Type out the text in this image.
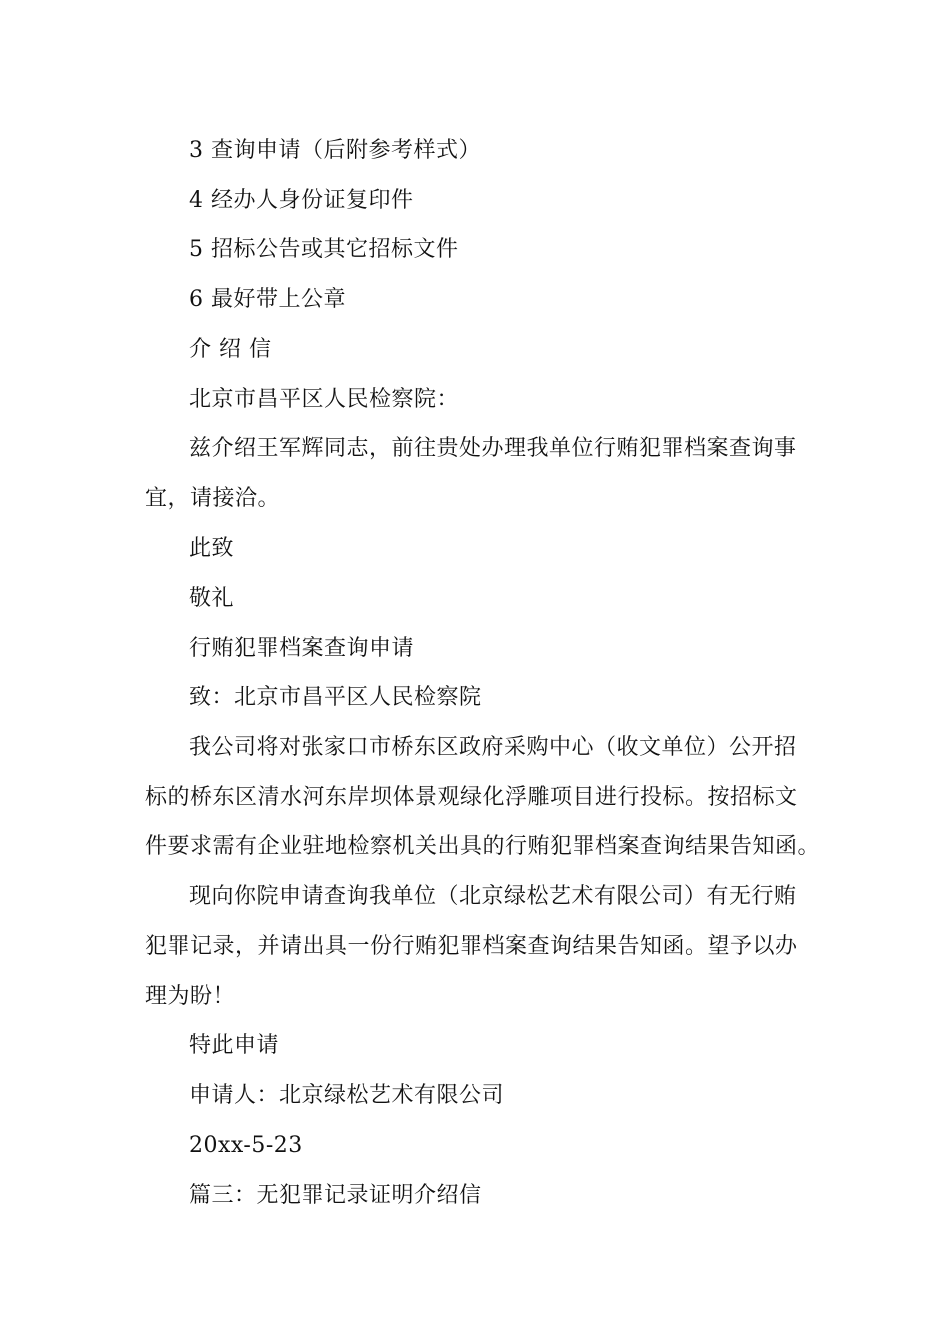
3 查询申请（后附参考样式）
4 经办人身份证复印件
5 招标公告或其它招标文件
6 最好带上公章
介 绍 信
北京市昌平区人民检察院：
兹介绍王军辉同志，前往贵处办理我单位行贿犯罪档案查询事
宜，请接洽。
此致
敬礼
行贿犯罪档案查询申请
致：北京市昌平区人民检察院
我公司将对张家口市桥东区政府采购中心（收文单位）公开招
标的桥东区清水河东岸坝体景观绿化浮雕项目进行投标。按招标文
件要求需有企业驻地检察机关出具的行贿犯罪档案查询结果告知函。
现向你院申请查询我单位（北京绿松艺术有限公司）有无行贿
犯罪记录，并请出具一份行贿犯罪档案查询结果告知函。望予以办
理为盼！
特此申请
申请人：北京绿松艺术有限公司
20xx-5-23
篇三：无犯罪记录证明介绍信
